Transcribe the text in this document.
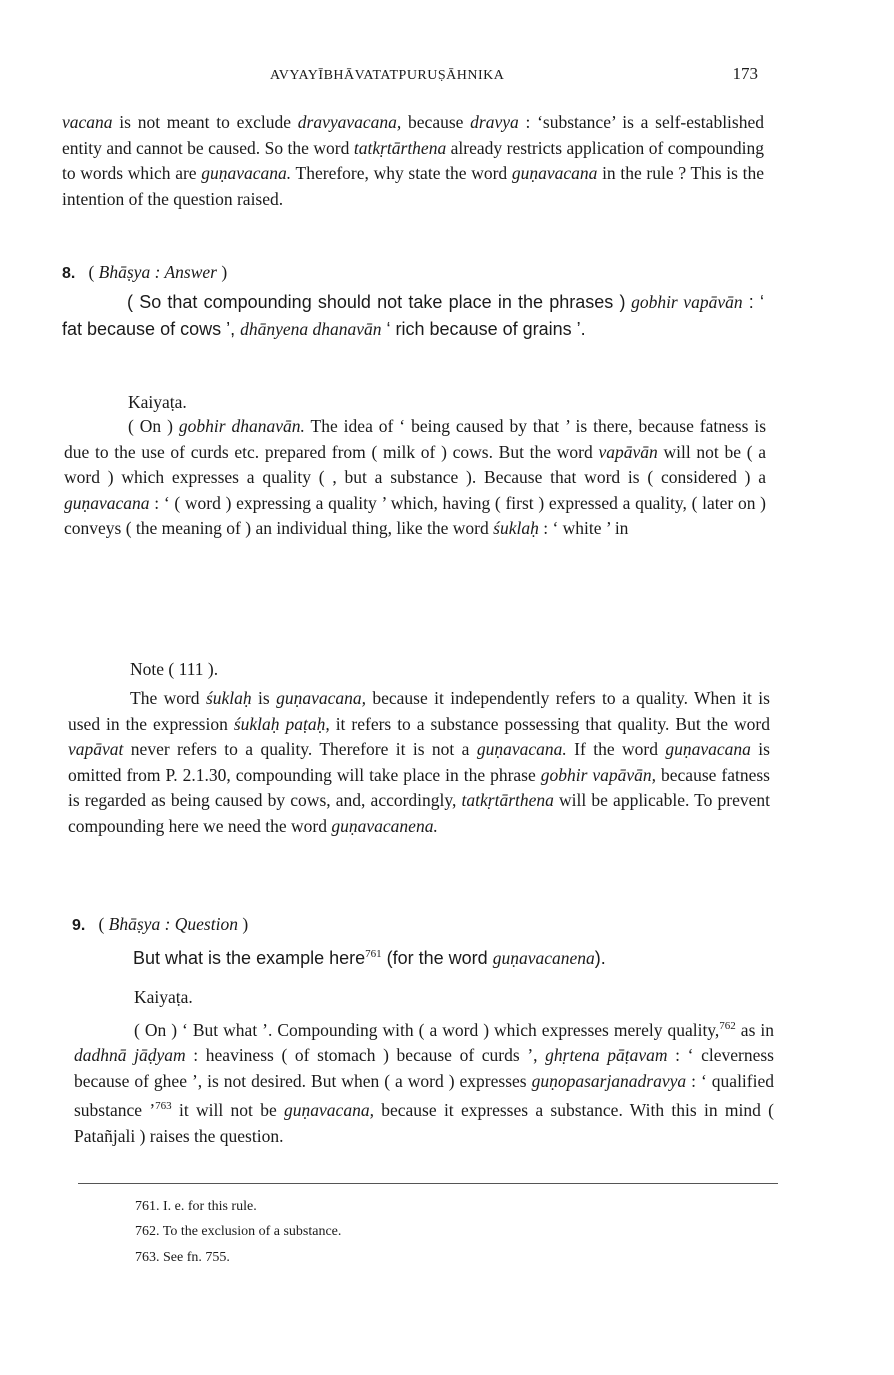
AVYAYĪBHĀVATATPURUṢĀHNIKA	173
vacana is not meant to exclude dravyavacana, because dravya : ‘substance’ is a self-established entity and cannot be caused. So the word tatkṛtārthena already restricts application of compounding to words which are guṇavacana. Therefore, why state the word guṇavacana in the rule ? This is the intention of the question raised.
8. ( Bhāṣya : Answer )
( So that compounding should not take place in the phrases ) gobhir vapāvān : ‘ fat because of cows ’, dhānyena dhanavān ‘ rich because of grains ’.
Kaiyaṭa.
( On ) gobhir dhanavān. The idea of ‘ being caused by that ’ is there, because fatness is due to the use of curds etc. prepared from ( milk of ) cows. But the word vapāvān will not be ( a word ) which expresses a quality ( , but a substance ). Because that word is ( considered ) a guṇavacana : ‘ ( word ) expressing a quality ’ which, having ( first ) expressed a quality, ( later on ) conveys ( the meaning of ) an individual thing, like the word śuklaḥ : ‘ white ’ in
Note ( 111 ).
The word śuklaḥ is guṇavacana, because it independently refers to a quality. When it is used in the expression śuklaḥ paṭaḥ, it refers to a substance possessing that quality. But the word vapāvat never refers to a quality. Therefore it is not a guṇavacana. If the word guṇavacana is omitted from P. 2.1.30, compounding will take place in the phrase gobhir vapāvān, because fatness is regarded as being caused by cows, and, accordingly, tatkṛtārthena will be applicable. To prevent compounding here we need the word guṇavacanena.
9. ( Bhāṣya : Question )
But what is the example here$^{761}$ (for the word guṇavacanena).
Kaiyaṭa.
( On ) ‘ But what ’. Compounding with ( a word ) which expresses merely quality,$^{762}$ as in dadhnā jāḍyam : heaviness ( of stomach ) because of curds ’, ghṛtena pāṭavam : ‘ cleverness because of ghee ’, is not desired. But when ( a word ) expresses guṇopasarjanadravya : ‘ qualified substance ’$^{763}$ it will not be guṇavacana, because it expresses a substance. With this in mind ( Patañjali ) raises the question.
761. I. e. for this rule.
762. To the exclusion of a substance.
763. See fn. 755.
